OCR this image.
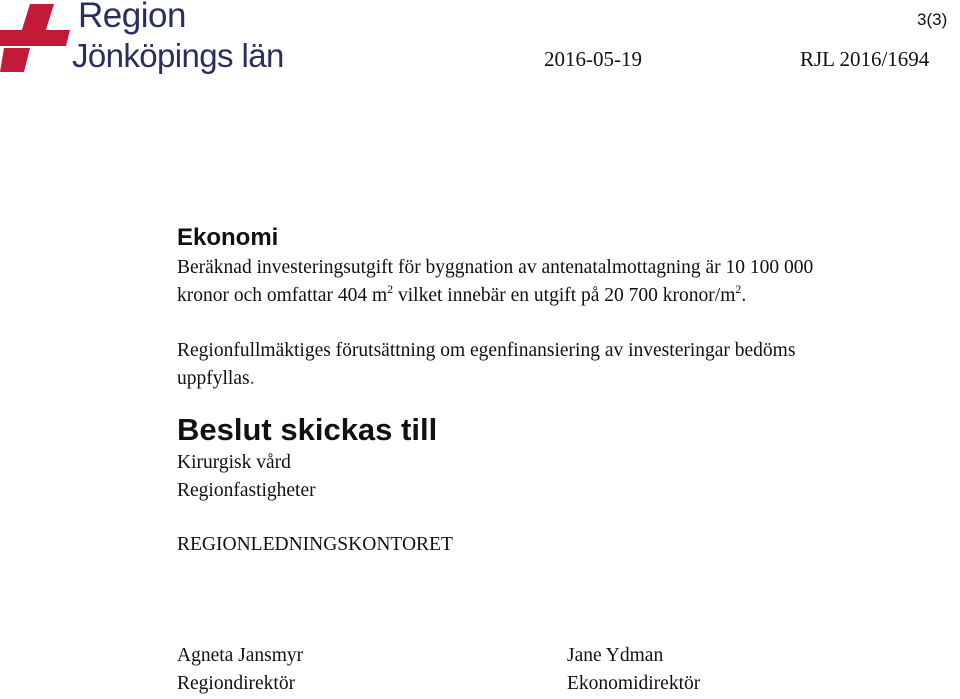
Region
Jönköpings län
3(3)
2016-05-19	RJL 2016/1694
Ekonomi
Beräknad investeringsutgift för byggnation av antenatalmottagning är 10 100 000
kronor och omfattar 404 $m^2$ vilket innebär en utgift på 20 700 kronor/$m^2$.
Regionfullmäktiges förutsättning om egenfinansiering av investeringar bedöms
uppfyllas.
Beslut skickas till
Kirurgisk vård
Regionfastigheter
REGIONLEDNINGSKONTORET
Agneta Jansmyr
Regiondirektör
Jane Ydman
Ekonomidirektör
